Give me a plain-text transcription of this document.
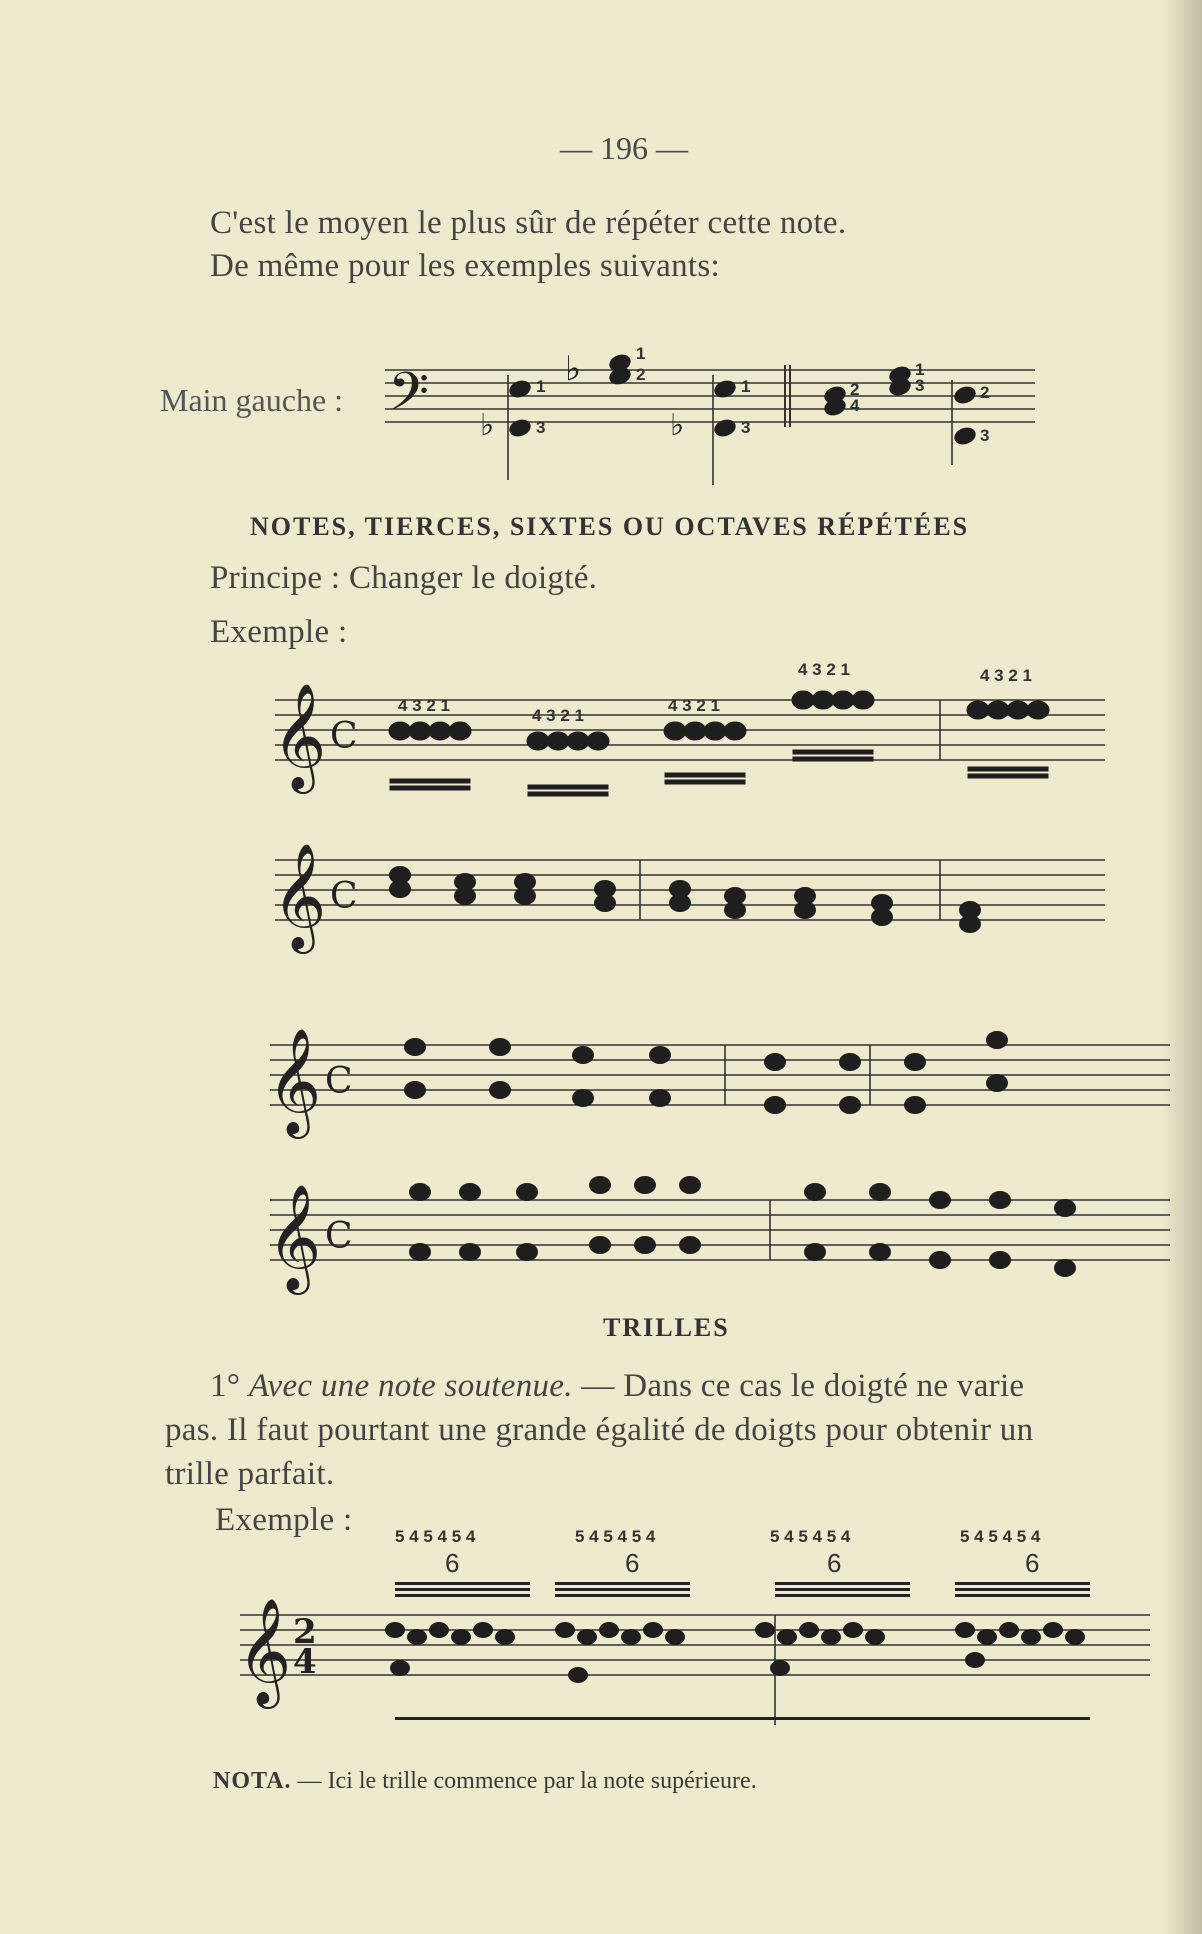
— 196 —
C'est le moyen le plus sûr de répéter cette note.
De même pour les exemples suivants:
Main gauche : 𝄢	♭
♭	♭
1
3
1
2
1
3
2
4
1
3	2
3
NOTES, TIERCES, SIXTES OU OCTAVES RÉPÉTÉES
Principe : Changer le doigté.
Exemple :
𝄞 C
4 3 2 1
4 3 2 1
4 3 2 1
4 3 2 1	4 3 2 1
𝄞 C
𝄞 C
𝄞 C
TRILLES
1° Avec une note soutenue. — Dans ce cas le doigté ne varie
pas. Il faut pourtant une grande égalité de doigts pour obtenir un
trille parfait.
Exemple :	5 4 5 4 5 4	5 4 5 4 5 4	5 4 5 4 5 4	5 4 5 4 5 4
6	6	6	6
𝄞 2
4
NOTA. — Ici le trille commence par la note supérieure.
